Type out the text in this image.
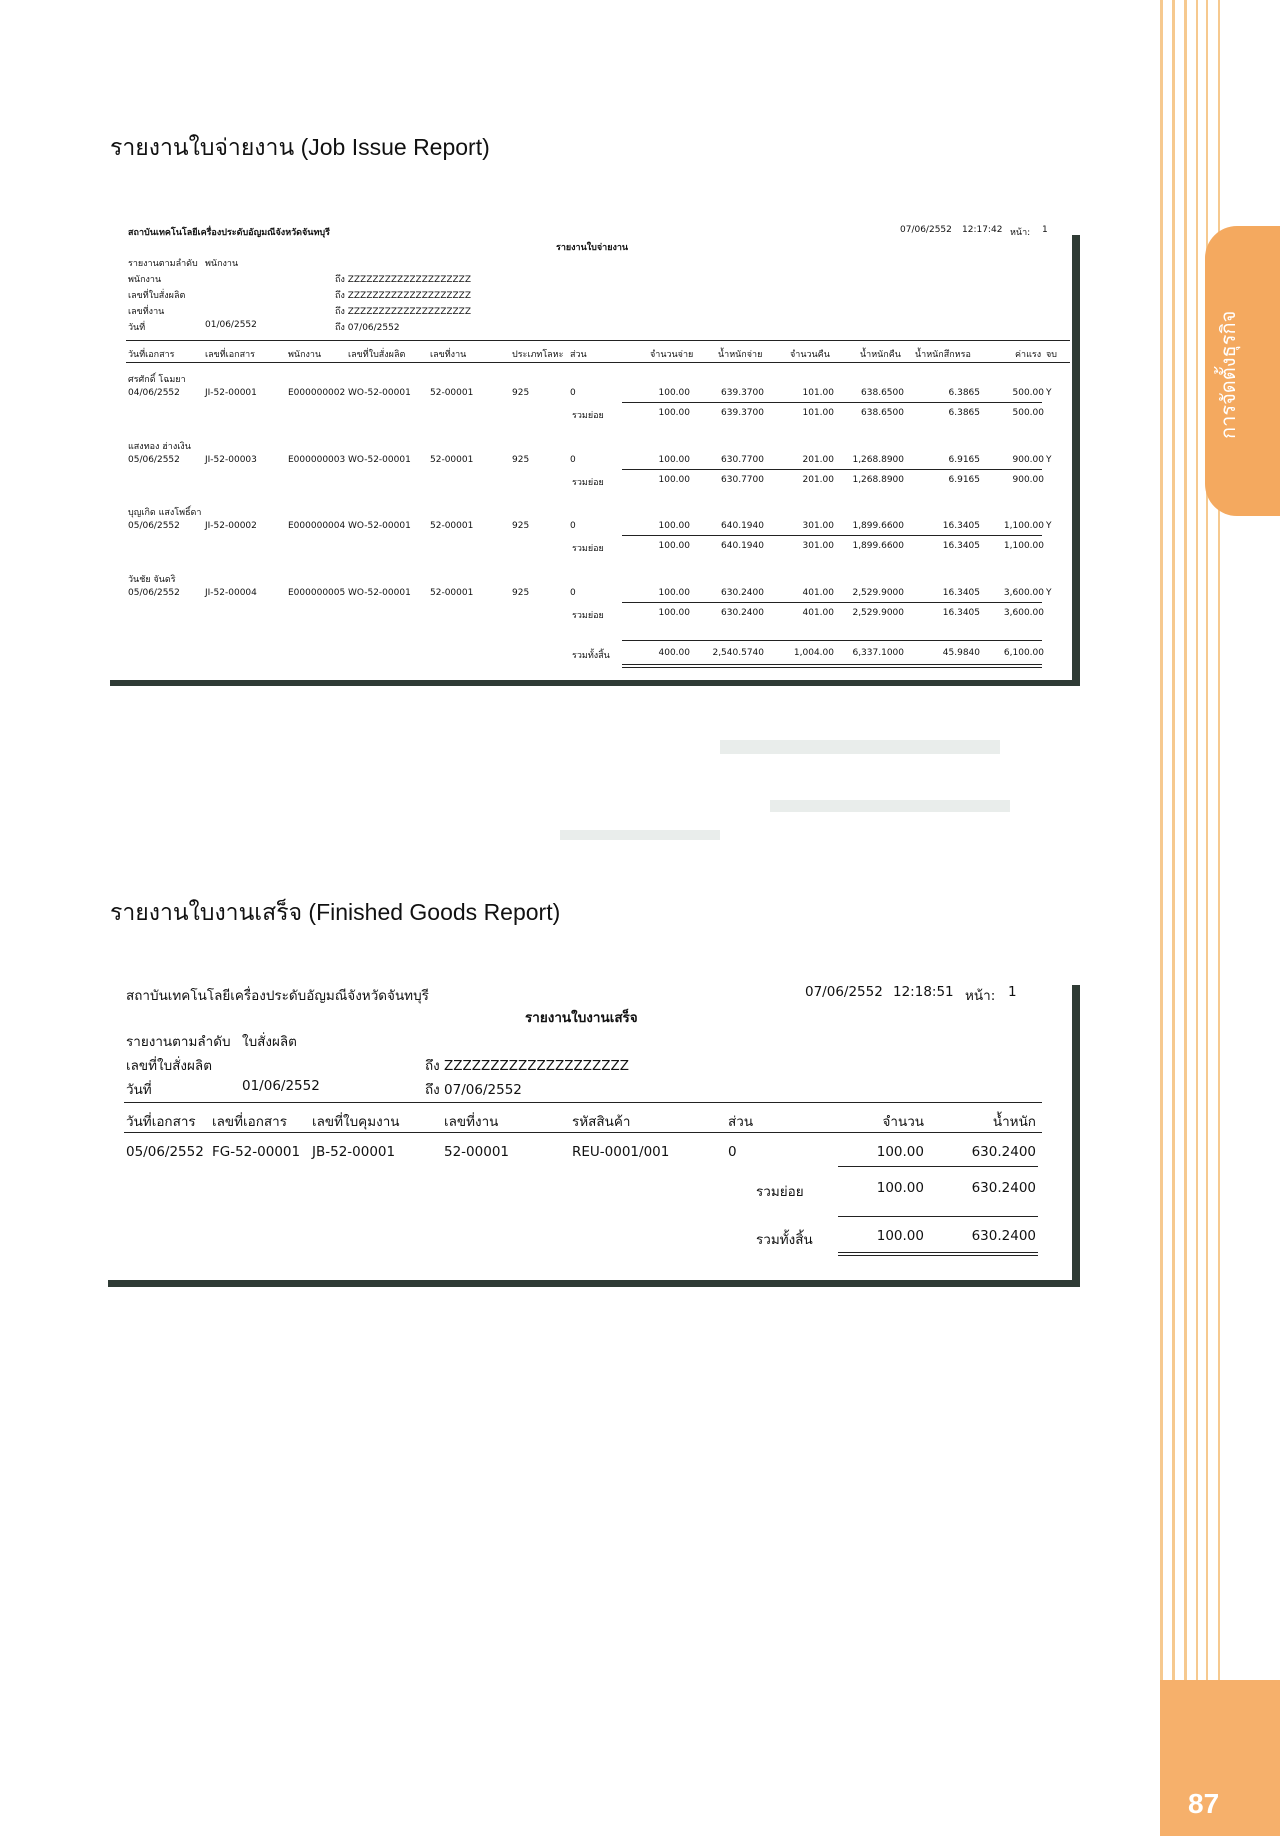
การจัดตั้งธุรกิจ
87
รายงานใบจ่ายงาน (Job Issue Report)
รายงานใบงานเสร็จ (Finished Goods Report)
สถาบันเทคโนโลยีเครื่องประดับอัญมณีจังหวัดจันทบุรี	07/06/2552 12:17:42 หน้า: 1
รายงานใบจ่ายงาน
รายงานตามลำดับ พนักงาน
พนักงาน	ถึง ZZZZZZZZZZZZZZZZZZZZ
เลขที่ใบสั่งผลิต	ถึง ZZZZZZZZZZZZZZZZZZZZ
เลขที่งาน	ถึง ZZZZZZZZZZZZZZZZZZZZ
วันที่	01/06/2552	ถึง 07/06/2552
วันที่เอกสาร	เลขที่เอกสาร	พนักงาน	เลขที่ใบสั่งผลิต	เลขที่งาน	ประเภทโลหะ ส่วน	จำนวนจ่าย	น้ำหนักจ่าย	จำนวนคืน	น้ำหนักคืน น้ำหนักสึกหรอ	ค่าแรง จบ
ศรศักดิ์ โฉมยา
04/06/2552	JI-52-00001	E000000002 WO-52-00001 52-00001	925	0	100.00	639.3700	101.00	638.6500	6.3865	500.00 Y
รวมย่อย	100.00	639.3700	101.00	638.6500	6.3865	500.00
แสงทอง ฮ่างเงิน
05/06/2552	JI-52-00003	E000000003 WO-52-00001 52-00001	925	0	100.00	630.7700	201.00 1,268.8900	6.9165	900.00 Y
รวมย่อย	100.00	630.7700	201.00 1,268.8900	6.9165	900.00
บุญเกิด แสงโพธิ์ดา
05/06/2552	JI-52-00002	E000000004 WO-52-00001 52-00001	925	0	100.00	640.1940	301.00 1,899.6600	16.3405	1,100.00 Y
รวมย่อย	100.00	640.1940	301.00 1,899.6600	16.3405	1,100.00
วันชัย จันดริ
05/06/2552	JI-52-00004	E000000005 WO-52-00001 52-00001	925	0	100.00	630.2400	401.00 2,529.9000	16.3405	3,600.00 Y
รวมย่อย	100.00	630.2400	401.00 2,529.9000	16.3405	3,600.00
รวมทั้งสิ้น	400.00 2,540.5740	1,004.00 6,337.1000	45.9840	6,100.00
สถาบันเทคโนโลยีเครื่องประดับอัญมณีจังหวัดจันทบุรี	07/06/2552 12:18:51 หน้า: 1
รายงานใบงานเสร็จ
รายงานตามลำดับ ใบสั่งผลิต
เลขที่ใบสั่งผลิต	ถึง ZZZZZZZZZZZZZZZZZZZZ
วันที่	01/06/2552	ถึง 07/06/2552
วันที่เอกสาร เลขที่เอกสาร เลขที่ใบคุมงาน	เลขที่งาน	รหัสสินค้า	ส่วน	จำนวน	น้ำหนัก
05/06/2552 FG-52-00001 JB-52-00001	52-00001	REU-0001/001	0	100.00	630.2400
รวมย่อย	100.00	630.2400
รวมทั้งสิ้น	100.00	630.2400
